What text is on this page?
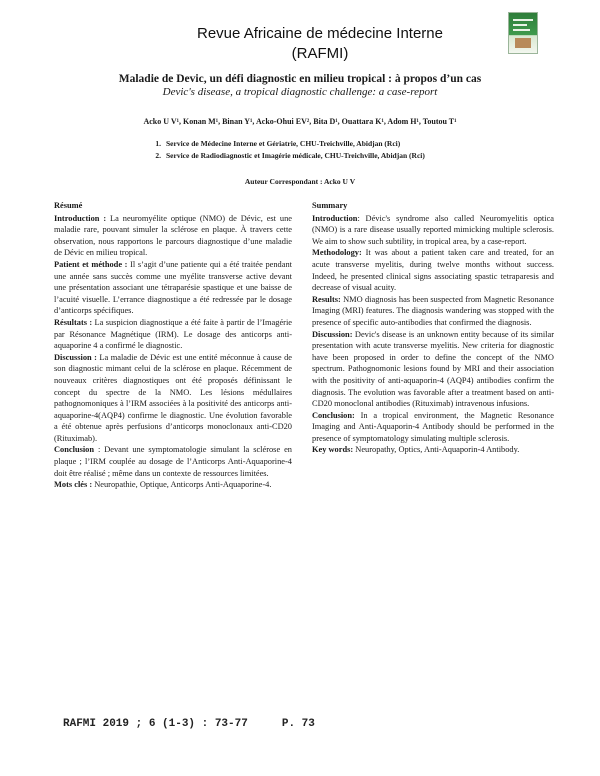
Revue Africaine de médecine Interne
(RAFMI)
Maladie de Devic, un défi diagnostic en milieu tropical : à propos d’un cas
Devic's disease, a tropical diagnostic challenge: a case-report
Acko U V¹, Konan M¹, Binan Y¹, Acko-Ohui EV², Bita D¹, Ouattara K¹, Adom H¹, Toutou T¹
1. Service de Médecine Interne et Gériatrie, CHU-Treichville, Abidjan (Rci)
2. Service de Radiodiagnostic et Imagérie médicale, CHU-Treichville, Abidjan (Rci)
Auteur Correspondant : Acko U V

Résumé

Introduction : La neuromyélite optique (NMO) de Dévic, est une maladie rare, pouvant simuler la sclérose en plaque. À travers cette observation, nous rapportons le parcours diagnostique d’une maladie de Dévic en milieu tropical.

Patient et méthode : Il s’agit d’une patiente qui a été traitée pendant une année sans succès comme une myélite transverse active devant une présentation associant une tétraparésie spastique et une baisse de l’acuité visuelle. L’errance diagnostique a été redressée par le dosage d’anticorps spécifiques.

Résultats : La suspicion diagnostique a été faite à partir de l’Imagérie par Résonance Magnétique (IRM). Le dosage des anticorps anti-aquaporine 4 a confirmé le diagnostic.

Discussion : La maladie de Dévic est une entité méconnue à cause de son diagnostic mimant celui de la sclérose en plaque. Récemment de nouveaux critères diagnostiques ont été proposés définissant le concept du spectre de la NMO. Les lésions médullaires pathognomoniques à l’IRM associées à la positivité des anticorps anti- aquaporine-4(AQP4) confirme le diagnostic. Une évolution favorable a été obtenue après perfusions d’anticorps monoclonaux anti-CD20 (Rituximab).

Conclusion : Devant une symptomatologie simulant la sclérose en plaque ; l’IRM couplée au dosage de l’Anticorps Anti-Aquaporine-4 doit être réalisé ; même dans un contexte de ressources limitées.

Mots clés : Neuropathie, Optique, Anticorps Anti-Aquaporine-4.

Summary

Introduction: Dévic's syndrome also called Neuromyelitis optica (NMO) is a rare disease usually reported mimicking multiple sclerosis. We aim to show such subtility, in tropical area, by a case-report.

Methodology: It was about a patient taken care and treated, for an acute transverse myelitis, during twelve months without success. Indeed, he presented clinical signs associating spastic tetraparesis and decrease of visual acuity.

Results: NMO diagnosis has been suspected from Magnetic Resonance Imaging (MRI) features. The diagnosis wandering was stopped with the presence of specific auto-antibodies that confirmed the diagnosis.

Discussion: Devic's disease is an unknown entity because of its similar presentation with acute transverse myelitis. New criteria for diagnostic have been proposed in order to define the concept of the NMO spectrum. Pathognomonic lesions found by MRI and their association with the positivity of anti-aquaporin-4 (AQP4) antibodies confirm the diagnosis. The evolution was favorable after a treatment based on anti-CD20 monoclonal antibodies (Rituximab) intravenous infusions.

Conclusion: In a tropical environment, the Magnetic Resonance Imaging and Anti-Aquaporin-4 Antibody should be performed in the presence of symptomatology simulating multiple sclerosis.

Key words: Neuropathy, Optics, Anti-Aquaporin-4 Antibody.

RAFMI 2019 ; 6 (1-3) : 73-77	P. 73
